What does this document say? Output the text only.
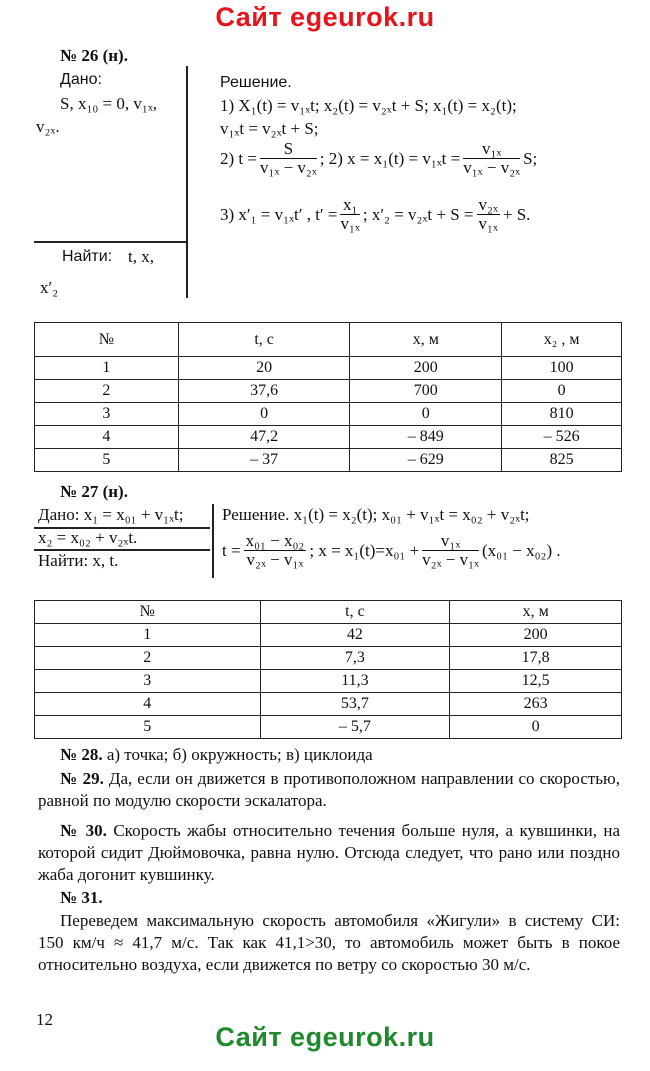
Сайт egeurok.ru
№ 26 (н).
Дано:
S, x₁₀ = 0, v₁ₓ,
v₂ₓ.
Найти: t, x,
x′₂
Решение.
1) X₁(t) = v₁ₓt; x₂(t) = v₂ₓt + S; x₁(t) = x₂(t);
v₁ₓt = v₂ₓt + S;
2) $t = \frac{S}{\text{v₁ₓ − v₂ₓ}}$ ; 2) $x = x_1(t) = v_{1x}t = \frac{\text{v₁ₓ}}{\text{v₁ₓ − v₂ₓ}} S$;
3) x′₁ = v₁ₓt′ , $t' = \frac{\text{x₁}}{\text{v₁ₓ}}$ ; $x'_2 = v_{2x}t + S = \frac{\text{v₂ₓ}}{\text{v₁ₓ}} + S$.
№	t, с	x, м	x₂ , м
1	20	200	100
2	37,6	700	0
3	0	0	810
4	47,2	– 849	– 526
5	– 37	– 629	825
№ 27 (н).
Дано: x₁ = x₀₁ + v₁ₓt;
x₂ = x₀₂ + v₂ₓt.
Найти: x, t.
Решение. x₁(t) = x₂(t); x₀₁ + v₁ₓt = x₀₂ + v₂ₓt;
$t = \frac{\text{x₀₁ − x₀₂}}{\text{v₂ₓ − v₁ₓ}}$ ; $x = x_1(t)=x_{01} + \frac{\text{v₁ₓ}}{\text{v₂ₓ − v₁ₓ}} (x_{01} - x_{02})$ .
№	t, с	x, м
1	42	200
2	7,3	17,8
3	11,3	12,5
4	53,7	263
5	– 5,7	0
№ 28. а) точка; б) окружность; в) циклоида
№ 29. Да, если он движется в противоположном направлении со скоростью, равной по модулю скорости эскалатора.
№ 30. Скорость жабы относительно течения больше нуля, а кувшинки, на которой сидит Дюймовочка, равна нулю. Отсюда следует, что рано или поздно жаба догонит кувшинку.
№ 31.
Переведем максимальную скорость автомобиля «Жигули» в систему СИ: 150 км/ч ≈ 41,7 м/с. Так как 41,1>30, то автомобиль может быть в покое относительно воздуха, если движется по ветру со скоростью 30 м/с.
12
Сайт egeurok.ru
